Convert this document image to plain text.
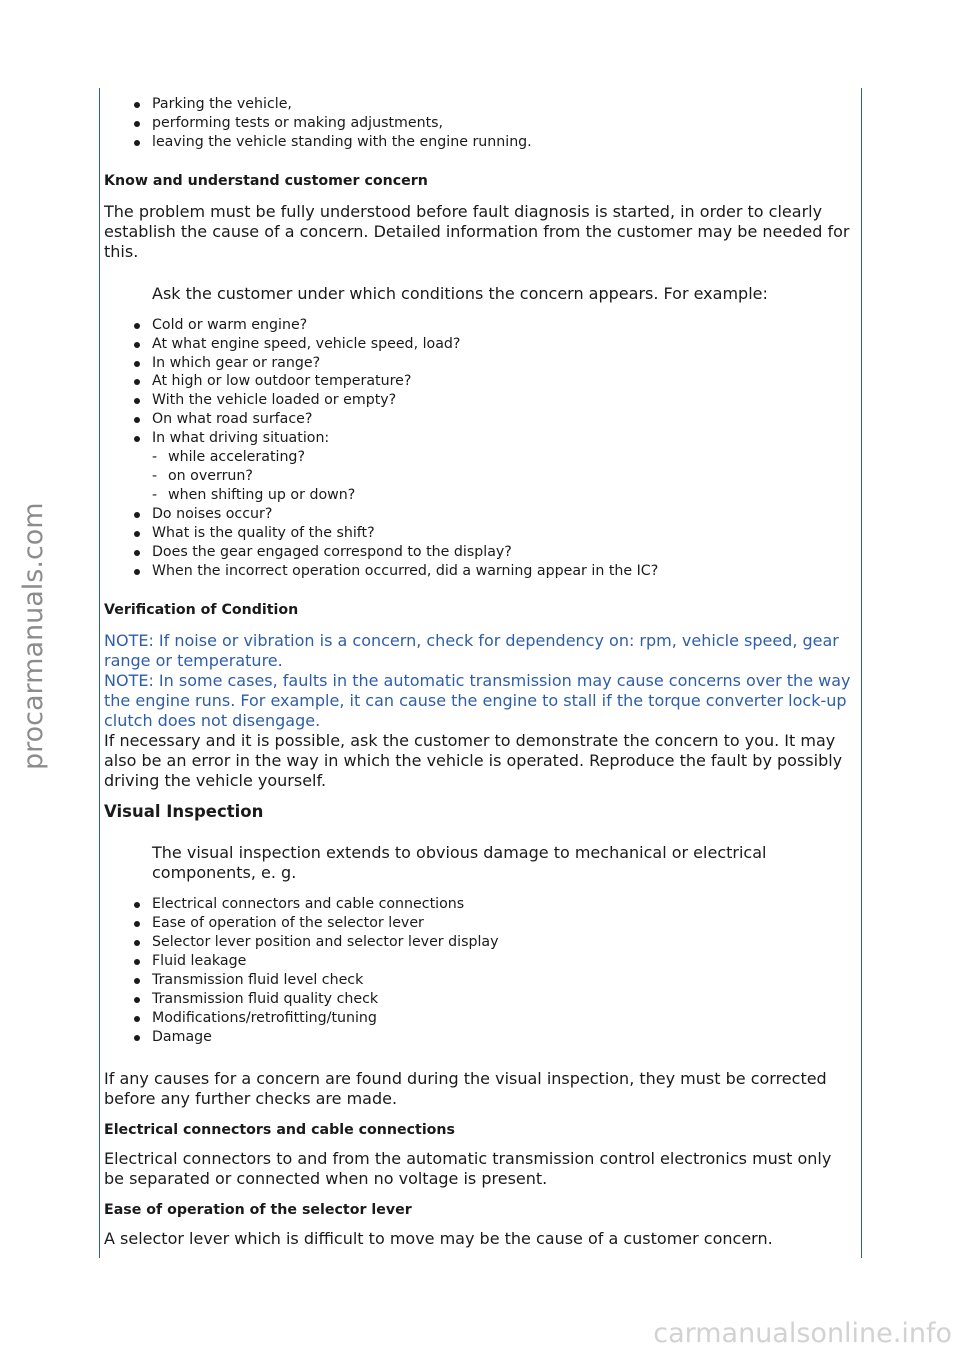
procarmanuals.com
Parking the vehicle,
performing tests or making adjustments,
leaving the vehicle standing with the engine running.
Know and understand customer concern

The problem must be fully understood before fault diagnosis is started, in order to clearly establish the cause of a concern. Detailed information from the customer may be needed for this.

Ask the customer under which conditions the concern appears. For example:

Cold or warm engine?
At what engine speed, vehicle speed, load?
In which gear or range?
At high or low outdoor temperature?
With the vehicle loaded or empty?
On what road surface?
In what driving situation:
- while accelerating?
- on overrun?
- when shifting up or down?
Do noises occur?
What is the quality of the shift?
Does the gear engaged correspond to the display?
When the incorrect operation occurred, did a warning appear in the IC?
Verification of Condition

NOTE: If noise or vibration is a concern, check for dependency on: rpm, vehicle speed, gear range or temperature.

NOTE: In some cases, faults in the automatic transmission may cause concerns over the way the engine runs. For example, it can cause the engine to stall if the torque converter lock-up clutch does not disengage.

If necessary and it is possible, ask the customer to demonstrate the concern to you. It may also be an error in the way in which the vehicle is operated. Reproduce the fault by possibly driving the vehicle yourself.

Visual Inspection

The visual inspection extends to obvious damage to mechanical or electrical components, e. g.

Electrical connectors and cable connections
Ease of operation of the selector lever
Selector lever position and selector lever display
Fluid leakage
Transmission fluid level check
Transmission fluid quality check
Modifications/retrofitting/tuning
Damage

If any causes for a concern are found during the visual inspection, they must be corrected before any further checks are made.

Electrical connectors and cable connections

Electrical connectors to and from the automatic transmission control electronics must only be separated or connected when no voltage is present.

Ease of operation of the selector lever

A selector lever which is difficult to move may be the cause of a customer concern.

carmanualsonline.info
